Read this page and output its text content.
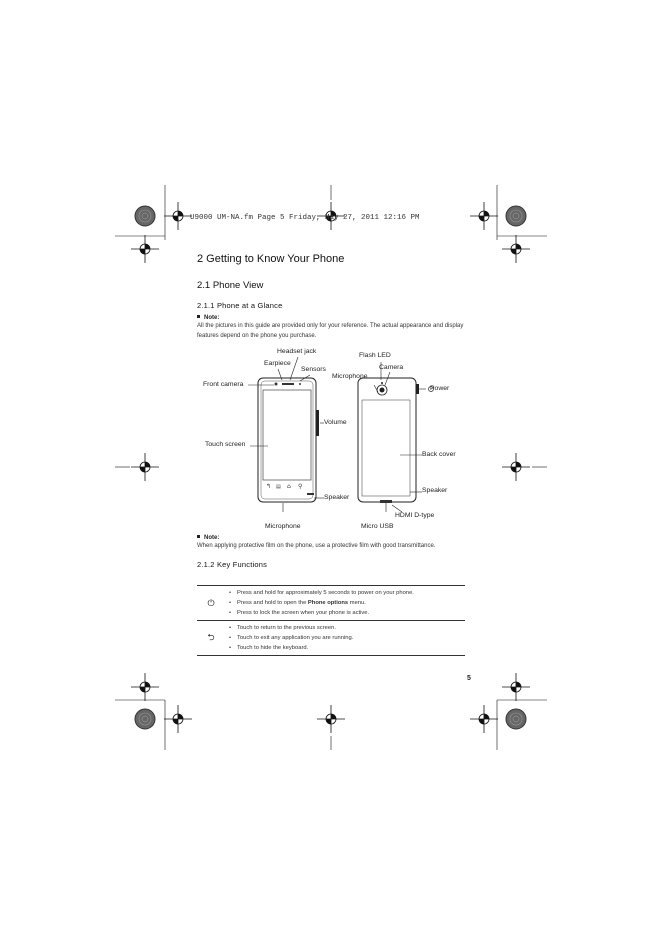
U9000 UM-NA.fm Page 5 Friday, May 27, 2011 12:16 PM
2 Getting to Know Your Phone
2.1 Phone View
2.1.1 Phone at a Glance
Note:
All the pictures in this guide are provided only for your reference. The actual appearance and display features depend on the phone you purchase.
↰ ▤ ⌂ ⚲
Headset jack
Earpiece
Sensors
Front camera
Volume
Touch screen
Speaker
Microphone
Flash LED
Camera
Microphone
Power
Back cover
Speaker
HDMI D-type
Micro USB
Note:
When applying protective film on the phone, use a protective film with good transmittance.
2.1.2 Key Functions
⏻	• Press and hold for approximately 5 seconds to power on your phone.
• Press and hold to open the Phone options menu.
• Press to lock the screen when your phone is active.

⮌	• Touch to return to the previous screen.
• Touch to exit any application you are running.
• Touch to hide the keyboard.
5
